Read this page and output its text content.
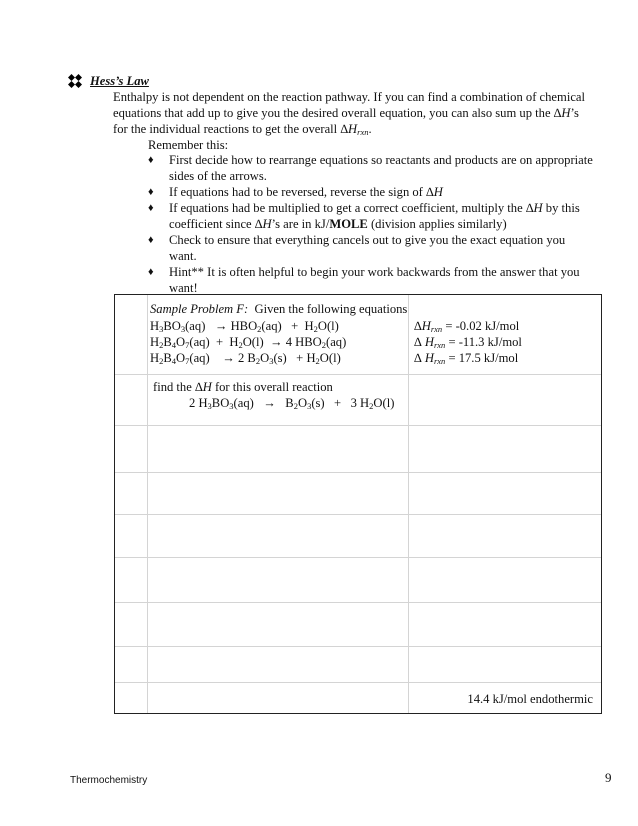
Hess’s Law

Enthalpy is not dependent on the reaction pathway. If you can find a combination of chemical

equations that add up to give you the desired overall equation, you can also sum up the ∆H’s

for the individual reactions to get the overall $\Delta H_{rxn}$.

Remember this:
♦ First decide how to rearrange equations so reactants and products are on appropriate
sides of the arrows.
♦ If equations had to be reversed, reverse the sign of ∆H
♦ If equations had be multiplied to get a correct coefficient, multiply the ∆H by this
coefficient since ∆H’s are in kJ/MOLE (division applies similarly)
♦ Check to ensure that everything cancels out to give you the exact equation you
want.
♦ Hint** It is often helpful to begin your work backwards from the answer that you
want!
Sample Problem F: Given the following equations
$H_3BO_3(aq) \to HBO_2(aq) + H_2O(l)$	$\Delta H_{rxn} = -0.02$ kJ/mol
$H_2B_4O_7(aq) + H_2O(l) \to 4$ $HBO_2(aq)$	∆ $H_{rxn} = -11.3$ kJ/mol
$H_2B_4O_7(aq)$    → 2 $B_2O_3(s) + H_2O(l)$	∆ $H_{rxn} = 17.5$ kJ/mol
find the ∆H for this overall reaction
2 $H_3BO_3(aq) \to B_2O_3(s) + 3$ $H_2O(l)$
14.4 kJ/mol endothermic
Thermochemistry	9
